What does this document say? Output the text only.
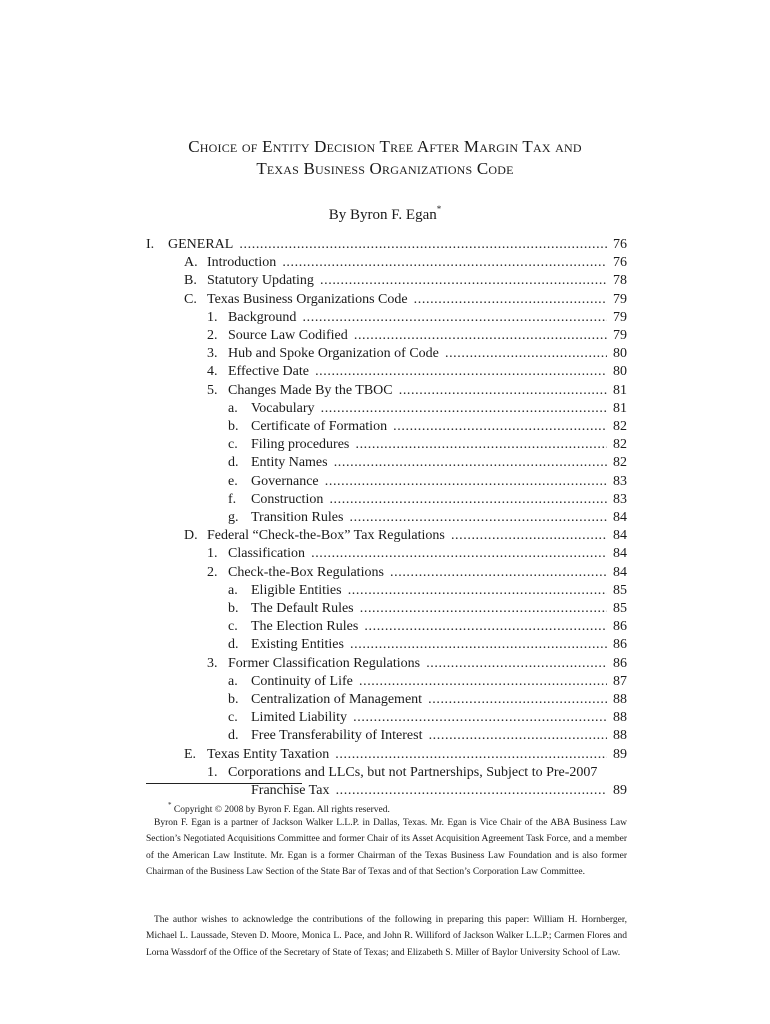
Choice of Entity Decision Tree After Margin Tax and
Texas Business Organizations Code
By Byron F. Egan*
I. GENERAL .....	76
A. Introduction .....	76
B. Statutory Updating .....	78
C. Texas Business Organizations Code .....	79
1. Background .....	79
2. Source Law Codified .....	79
3. Hub and Spoke Organization of Code .....	80
4. Effective Date .....	80
5. Changes Made By the TBOC .....	81
a. Vocabulary .....	81
b. Certificate of Formation .....	82
c. Filing procedures .....	82
d. Entity Names .....	82
e. Governance .....	83
f. Construction .....	83
g. Transition Rules .....	84
D. Federal “Check-the-Box” Tax Regulations .....	84
1. Classification .....	84
2. Check-the-Box Regulations .....	84
a. Eligible Entities .....	85
b. The Default Rules .....	85
c. The Election Rules .....	86
d. Existing Entities .....	86
3. Former Classification Regulations .....	86
a. Continuity of Life .....	87
b. Centralization of Management .....	88
c. Limited Liability .....	88
d. Free Transferability of Interest .....	88
E. Texas Entity Taxation .....	89
1. Corporations and LLCs, but not Partnerships, Subject to Pre-2007
Franchise Tax .....	89

* Copyright © 2008 by Byron F. Egan. All rights reserved.

Byron F. Egan is a partner of Jackson Walker L.L.P. in Dallas, Texas. Mr. Egan is Vice Chair of the ABA Business Law Section’s Negotiated Acquisitions Committee and former Chair of its Asset Acquisition Agreement Task Force, and a member of the American Law Institute. Mr. Egan is a former Chairman of the Texas Business Law Foundation and is also former Chairman of the Business Law Section of the State Bar of Texas and of that Section’s Corporation Law Committee.

The author wishes to acknowledge the contributions of the following in preparing this paper: William H. Hornberger, Michael L. Laussade, Steven D. Moore, Monica L. Pace, and John R. Williford of Jackson Walker L.L.P.; Carmen Flores and Lorna Wassdorf of the Office of the Secretary of State of Texas; and Elizabeth S. Miller of Baylor University School of Law.
